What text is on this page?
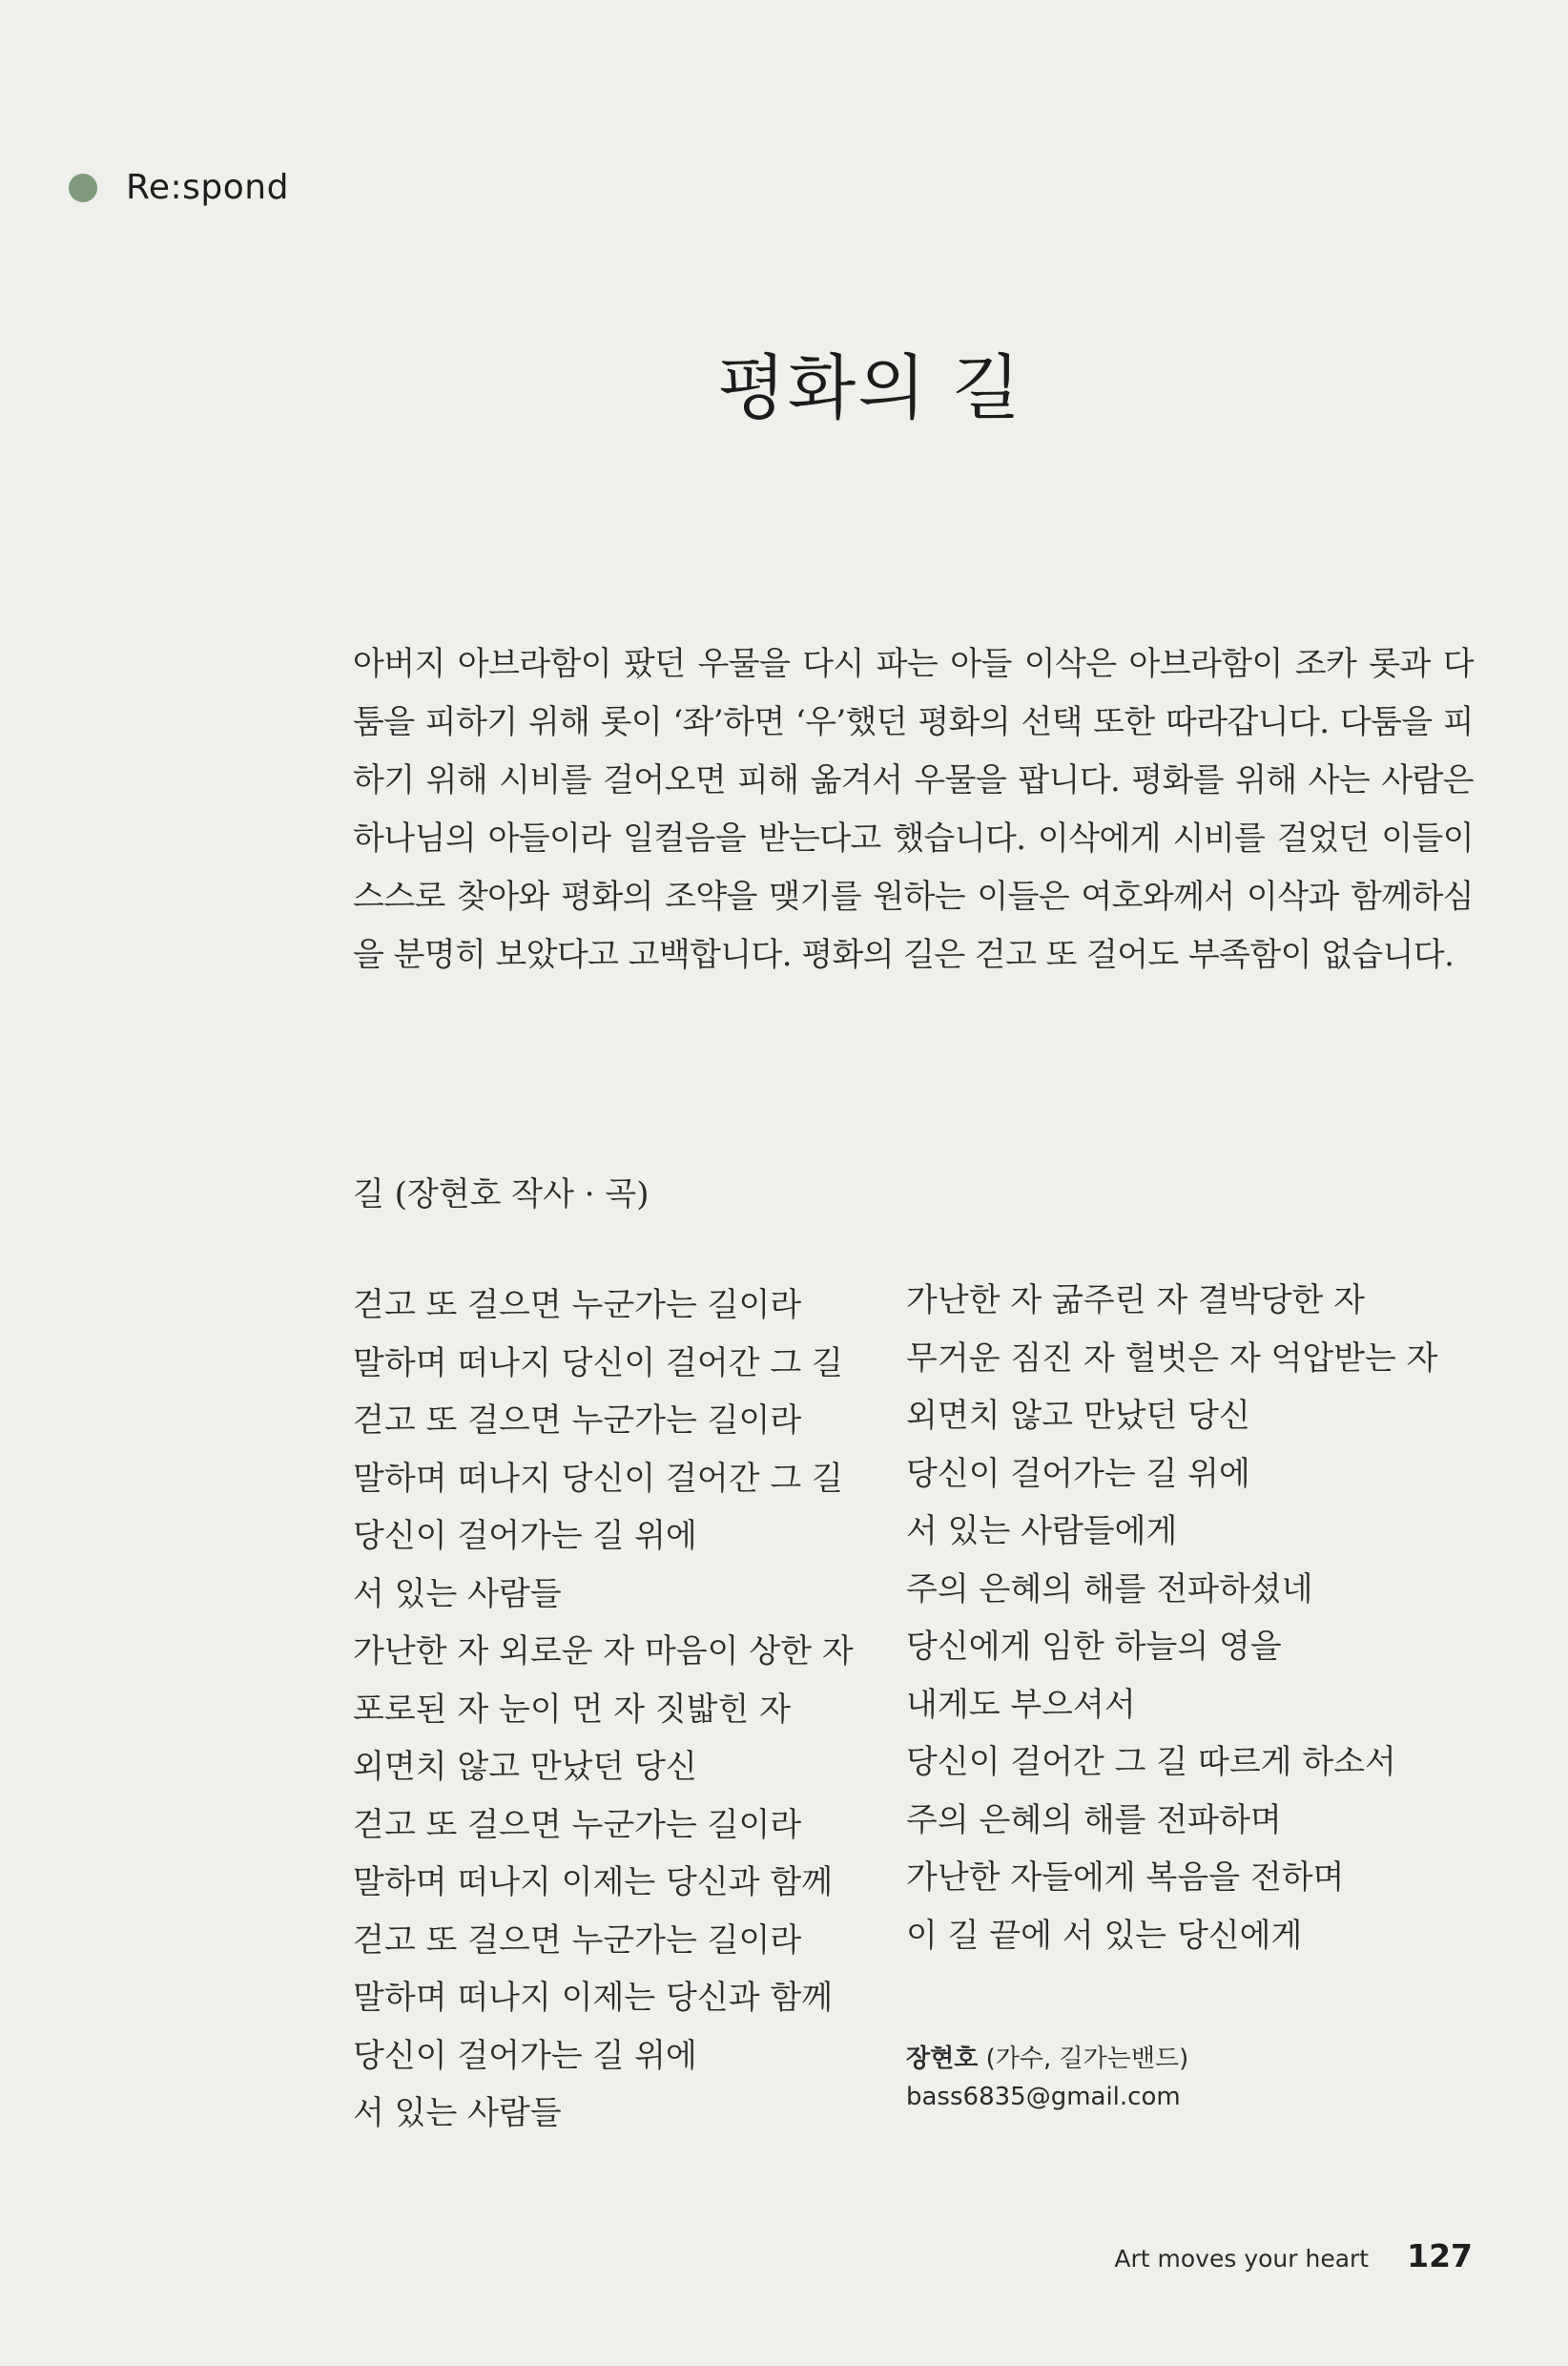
Re:spond
평화의 길

아버지 아브라함이 팠던 우물을 다시 파는 아들 이삭은 아브라함이 조카 롯과 다툼을 피하기 위해 롯이 ‘좌’하면 ‘우’했던 평화의 선택 또한 따라갑니다. 다툼을 피하기 위해 시비를 걸어오면 피해 옮겨서 우물을 팝니다. 평화를 위해 사는 사람은 하나님의 아들이라 일컬음을 받는다고 했습니다. 이삭에게 시비를 걸었던 이들이 스스로 찾아와 평화의 조약을 맺기를 원하는 이들은 여호와께서 이삭과 함께하심을 분명히 보았다고 고백합니다. 평화의 길은 걷고 또 걸어도 부족함이 없습니다.

길 (장현호 작사 · 곡)
걷고 또 걸으면 누군가는 길이라
말하며 떠나지 당신이 걸어간 그 길
걷고 또 걸으면 누군가는 길이라
말하며 떠나지 당신이 걸어간 그 길
당신이 걸어가는 길 위에
서 있는 사람들
가난한 자 외로운 자 마음이 상한 자
포로된 자 눈이 먼 자 짓밟힌 자
외면치 않고 만났던 당신
걷고 또 걸으면 누군가는 길이라
말하며 떠나지 이제는 당신과 함께
걷고 또 걸으면 누군가는 길이라
말하며 떠나지 이제는 당신과 함께
당신이 걸어가는 길 위에
서 있는 사람들
가난한 자 굶주린 자 결박당한 자
무거운 짐진 자 헐벗은 자 억압받는 자
외면치 않고 만났던 당신
당신이 걸어가는 길 위에
서 있는 사람들에게
주의 은혜의 해를 전파하셨네
당신에게 임한 하늘의 영을
내게도 부으셔서
당신이 걸어간 그 길 따르게 하소서
주의 은혜의 해를 전파하며
가난한 자들에게 복음을 전하며
이 길 끝에 서 있는 당신에게
장현호 (가수, 길가는밴드)
bass6835@gmail.com
Art moves your heart 127
